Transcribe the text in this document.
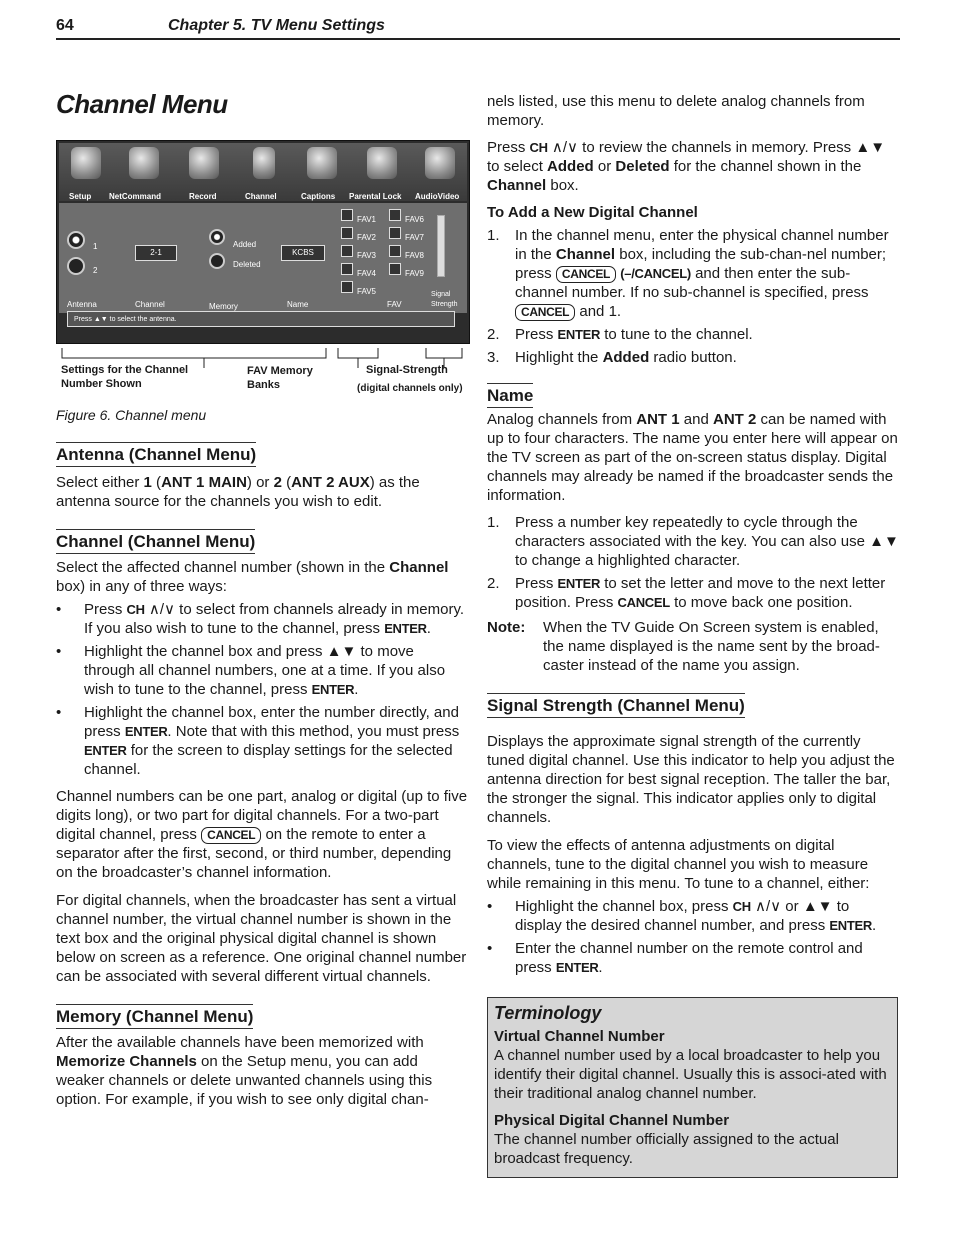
64	Chapter 5. TV Menu Settings
Channel Menu
Setup NetCommand	Record	Channel	Captions Parental Lock AudioVideo
1
2
Antenna
2-1
Channel
Added
Deleted
Memory
KCBS
Name
FAV1
FAV2
FAV3
FAV4
FAV5
FAV6
FAV7
FAV8
FAV9
FAV
Signal
Strength
Press ▲▼ to select the antenna.
Settings for the Channel Number Shown
FAV Memory Banks
Signal-Strength
(digital channels only)
Figure 6. Channel menu
Antenna (Channel Menu)

Select either 1 (ANT 1 MAIN) or 2 (ANT 2 AUX) as the antenna source for the channels you wish to edit.

Channel (Channel Menu)

Select the affected channel number (shown in the Channel box) in any of three ways:

• Press CH ∧/∨ to select from channels already in memory. If you also wish to tune to the channel, press ENTER.
• Highlight the channel box and press ▲▼ to move through all channel numbers, one at a time. If you also wish to tune to the channel, press ENTER.
• Highlight the channel box, enter the number directly, and press ENTER. Note that with this method, you must press ENTER for the screen to display settings for the selected channel.

Channel numbers can be one part, analog or digital (up to five digits long), or two part for digital channels. For a two-part digital channel, press CANCEL on the remote to enter a separator after the first, second, or third number, depending on the broadcaster’s channel information.

For digital channels, when the broadcaster has sent a virtual channel number, the virtual channel number is shown in the text box and the original physical digital channel is shown below on screen as a reference. One original channel number can be associated with several different virtual channels.

Memory (Channel Menu)

After the available channels have been memorized with Memorize Channels on the Setup menu, you can add weaker channels or delete unwanted channels using this option. For example, if you wish to see only digital chan-

nels listed, use this menu to delete analog channels from memory.

Press CH ∧/∨ to review the channels in memory. Press ▲▼ to select Added or Deleted for the channel shown in the Channel box.

To Add a New Digital Channel

1. In the channel menu, enter the physical channel number in the Channel box, including the sub-chan-nel number; press CANCEL (–/CANCEL) and then enter the sub-channel number. If no sub-channel is specified, press CANCEL and 1.
2. Press ENTER to tune to the channel.
3. Highlight the Added radio button.
Name

Analog channels from ANT 1 and ANT 2 can be named with up to four characters. The name you enter here will appear on the TV screen as part of the on-screen status display. Digital channels may already be named if the broadcaster sends the information.

1. Press a number key repeatedly to cycle through the characters associated with the key. You can also use ▲▼ to change a highlighted character.
2. Press ENTER to set the letter and move to the next letter position. Press CANCEL to move back one position.
Note: When the TV Guide On Screen system is enabled, the name displayed is the name sent by the broad-caster instead of the name you assign.
Signal Strength (Channel Menu)

Displays the approximate signal strength of the currently tuned digital channel. Use this indicator to help you adjust the antenna direction for best signal reception. The taller the bar, the stronger the signal. This indicator applies only to digital channels.

To view the effects of antenna adjustments on digital channels, tune to the digital channel you wish to measure while remaining in this menu. To tune to a channel, either:

• Highlight the channel box, press CH ∧/∨ or ▲▼ to display the desired channel number, and press ENTER.
• Enter the channel number on the remote control and press ENTER.
Terminology
Virtual Channel Number
A channel number used by a local broadcaster to help you identify their digital channel. Usually this is associ-ated with their traditional analog channel number.
Physical Digital Channel Number
The channel number officially assigned to the actual broadcast frequency.
